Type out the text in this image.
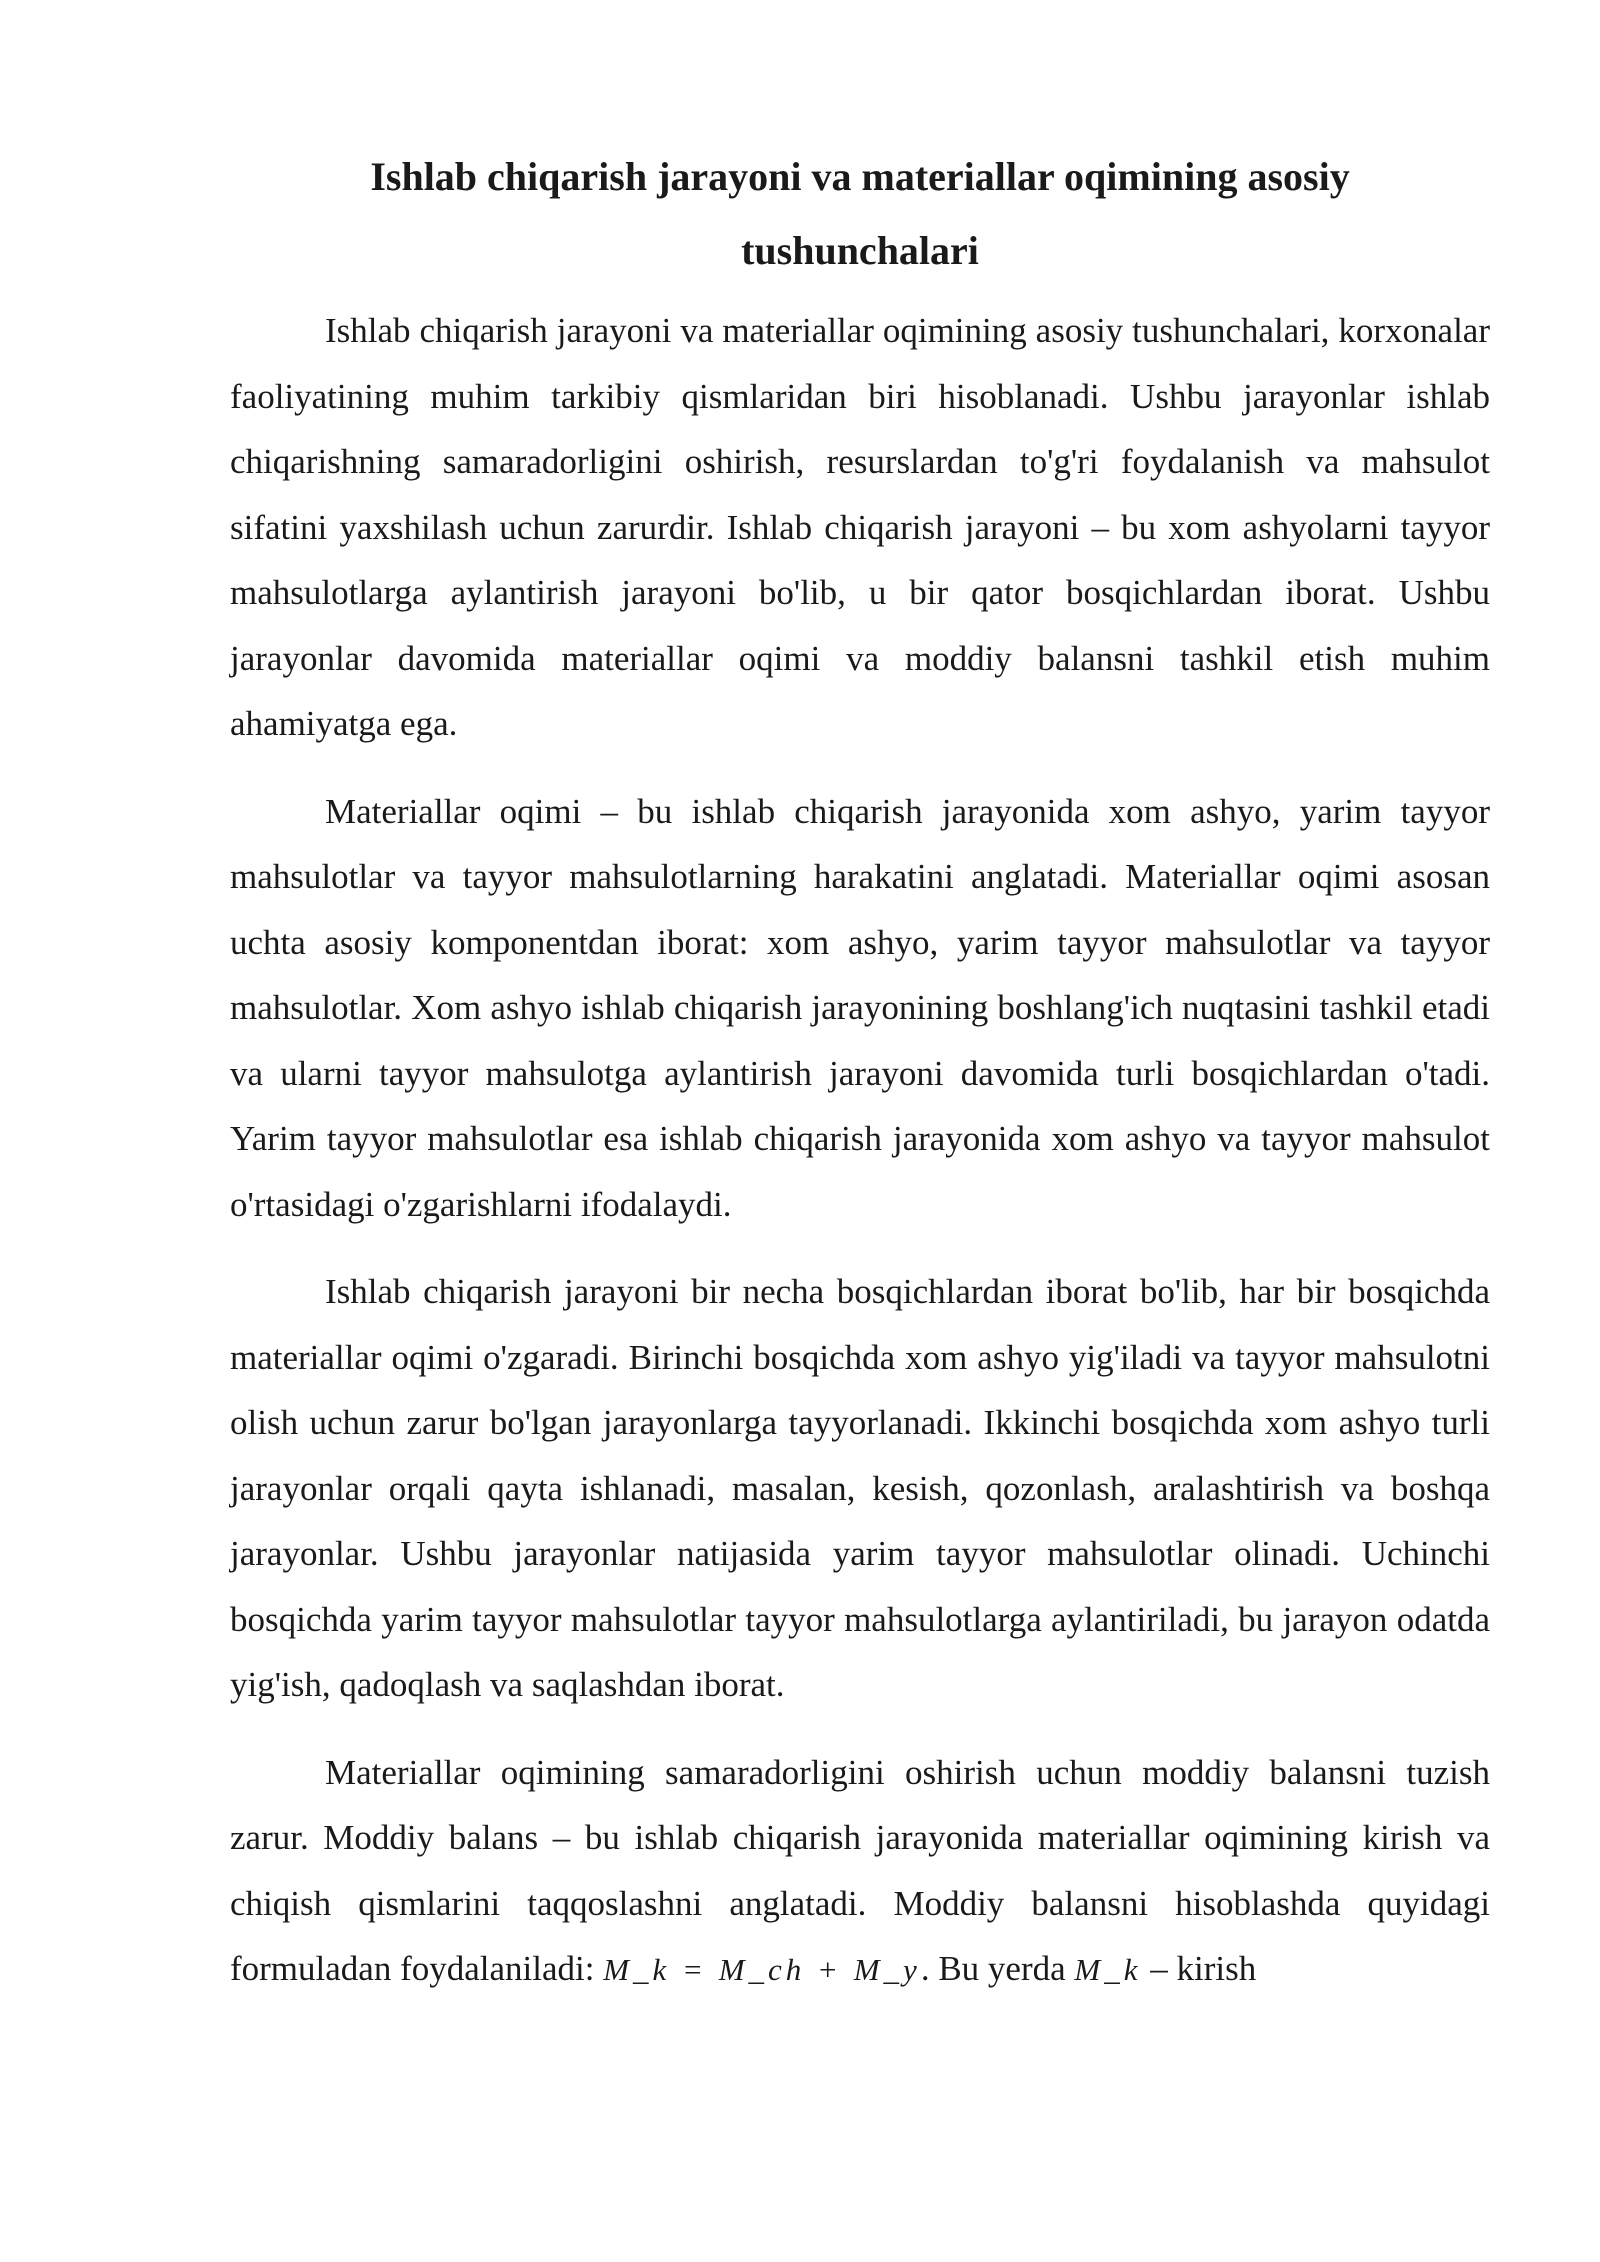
Ishlab chiqarish jarayoni va materiallar oqimining asosiy tushunchalari

Ishlab chiqarish jarayoni va materiallar oqimining asosiy tushunchalari, korxonalar faoliyatining muhim tarkibiy qismlaridan biri hisoblanadi. Ushbu jarayonlar ishlab chiqarishning samaradorligini oshirish, resurslardan to'g'ri foydalanish va mahsulot sifatini yaxshilash uchun zarurdir. Ishlab chiqarish jarayoni – bu xom ashyolarni tayyor mahsulotlarga aylantirish jarayoni bo'lib, u bir qator bosqichlardan iborat. Ushbu jarayonlar davomida materiallar oqimi va moddiy balansni tashkil etish muhim ahamiyatga ega.

Materiallar oqimi – bu ishlab chiqarish jarayonida xom ashyo, yarim tayyor mahsulotlar va tayyor mahsulotlarning harakatini anglatadi. Materiallar oqimi asosan uchta asosiy komponentdan iborat: xom ashyo, yarim tayyor mahsulotlar va tayyor mahsulotlar. Xom ashyo ishlab chiqarish jarayonining boshlang'ich nuqtasini tashkil etadi va ularni tayyor mahsulotga aylantirish jarayoni davomida turli bosqichlardan o'tadi. Yarim tayyor mahsulotlar esa ishlab chiqarish jarayonida xom ashyo va tayyor mahsulot o'rtasidagi o'zgarishlarni ifodalaydi.

Ishlab chiqarish jarayoni bir necha bosqichlardan iborat bo'lib, har bir bosqichda materiallar oqimi o'zgaradi. Birinchi bosqichda xom ashyo yig'iladi va tayyor mahsulotni olish uchun zarur bo'lgan jarayonlarga tayyorlanadi. Ikkinchi bosqichda xom ashyo turli jarayonlar orqali qayta ishlanadi, masalan, kesish, qozonlash, aralashtirish va boshqa jarayonlar. Ushbu jarayonlar natijasida yarim tayyor mahsulotlar olinadi. Uchinchi bosqichda yarim tayyor mahsulotlar tayyor mahsulotlarga aylantiriladi, bu jarayon odatda yig'ish, qadoqlash va saqlashdan iborat.

Materiallar oqimining samaradorligini oshirish uchun moddiy balansni tuzish zarur. Moddiy balans – bu ishlab chiqarish jarayonida materiallar oqimining kirish va chiqish qismlarini taqqoslashni anglatadi. Moddiy balansni hisoblashda quyidagi formuladan foydalaniladi: M_k = M_ch + M_y. Bu yerda M_k – kirish
